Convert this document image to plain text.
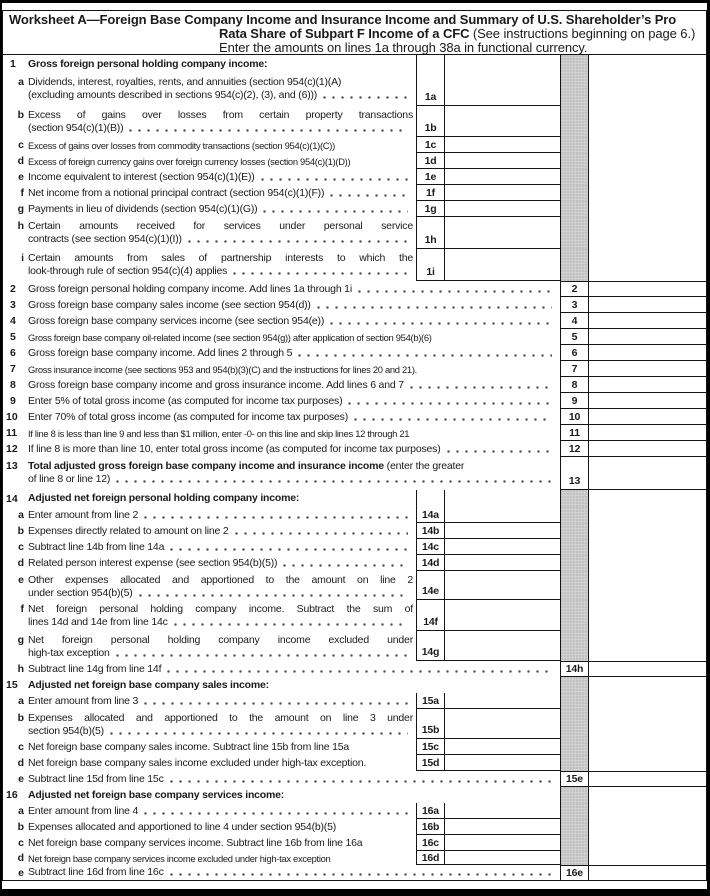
Worksheet A—Foreign Base Company Income and Insurance Income and Summary of U.S. Shareholder’s Pro
Rata Share of Subpart F Income of a CFC (See instructions beginning on page 6.)
Enter the amounts on lines 1a through 38a in functional currency.
1	Gross foreign personal holding company income:
a Dividends, interest, royalties, rents, and annuities (section 954(c)(1)(A)
(excluding amounts described in sections 954(c)(2), (3), and (6)))	1a
b Excess of gains over losses from certain property transactions
(section 954(c)(1)(B))	1b
c Excess of gains over losses from commodity transactions (section 954(c)(1)(C))	1c
d Excess of foreign currency gains over foreign currency losses (section 954(c)(1)(D))	1d
e Income equivalent to interest (section 954(c)(1)(E))	1e
f Net income from a notional principal contract (section 954(c)(1)(F))	1f
g Payments in lieu of dividends (section 954(c)(1)(G))	1g
h Certain amounts received for services under personal service
contracts (see section 954(c)(1)(I))	1h
i Certain amounts from sales of partnership interests to which the
look-through rule of section 954(c)(4) applies	1i
2	Gross foreign personal holding company income. Add lines 1a through 1i	2
3	Gross foreign base company sales income (see section 954(d))	3
4	Gross foreign base company services income (see section 954(e))	4
5	Gross foreign base company oil-related income (see section 954(g)) after application of section 954(b)(6)	5
6	Gross foreign base company income. Add lines 2 through 5	6
7	Gross insurance income (see sections 953 and 954(b)(3)(C) and the instructions for lines 20 and 21).	7
8	Gross foreign base company income and gross insurance income. Add lines 6 and 7	8
9	Enter 5% of total gross income (as computed for income tax purposes)	9
10 Enter 70% of total gross income (as computed for income tax purposes)	10
11	If line 8 is less than line 9 and less than $1 million, enter -0- on this line and skip lines 12 through 21	11
12 If line 8 is more than line 10, enter total gross income (as computed for income tax purposes)	12
13 Total adjusted gross foreign base company income and insurance income (enter the greater
of line 8 or line 12)	13
14 Adjusted net foreign personal holding company income:
a Enter amount from line 2	14a
b Expenses directly related to amount on line 2	14b
c Subtract line 14b from line 14a	14c
d Related person interest expense (see section 954(b)(5))	14d
e Other expenses allocated and apportioned to the amount on line 2
under section 954(b)(5)	14e
f Net foreign personal holding company income. Subtract the sum of
lines 14d and 14e from line 14c	14f
g Net foreign personal holding company income excluded under
high-tax exception	14g
h Subtract line 14g from line 14f	14h
15 Adjusted net foreign base company sales income:
a Enter amount from line 3	15a
b Expenses allocated and apportioned to the amount on line 3 under
section 954(b)(5)	15b
c Net foreign base company sales income. Subtract line 15b from line 15a	15c
d Net foreign base company sales income excluded under high-tax exception.	15d
e Subtract line 15d from line 15c	15e
16 Adjusted net foreign base company services income:
a Enter amount from line 4	16a
b Expenses allocated and apportioned to line 4 under section 954(b)(5)	16b
c Net foreign base company services income. Subtract line 16b from line 16a	16c
d Net foreign base company services income excluded under high-tax exception	16d
e Subtract line 16d from line 16c	16e
